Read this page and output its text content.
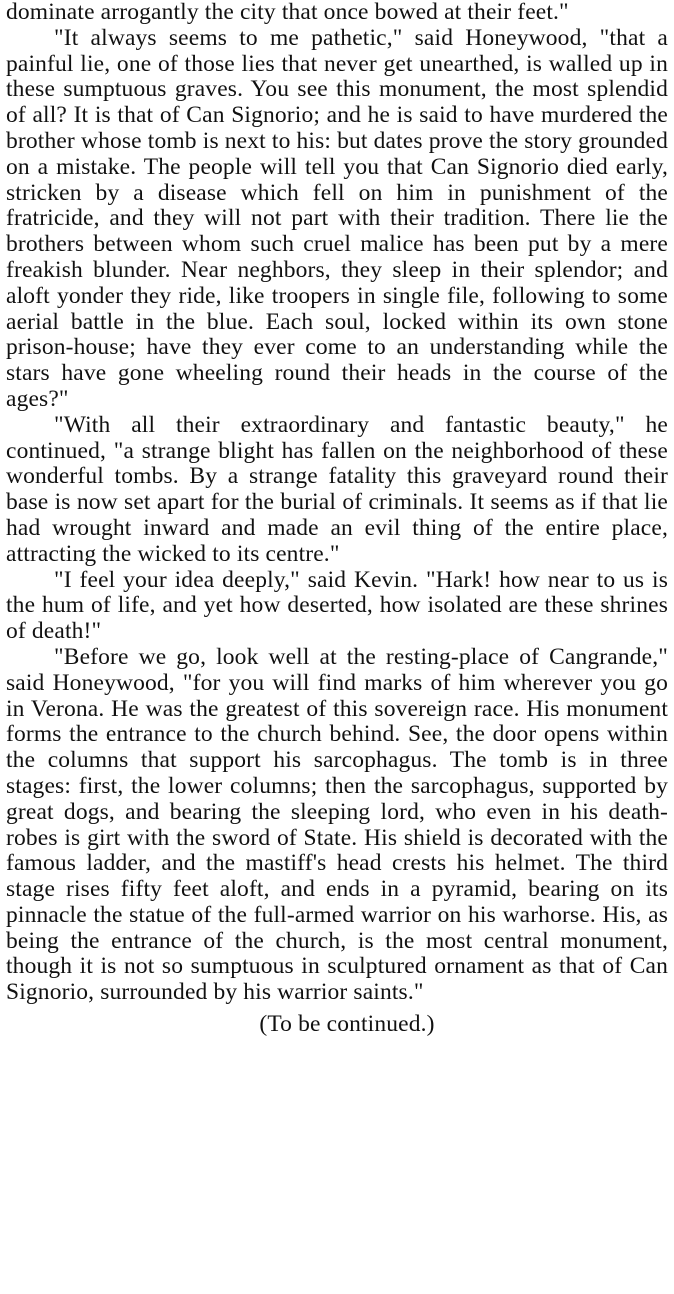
dominate arrogantly the city that once bowed at their feet."

"It always seems to me pathetic," said Honeywood, "that a painful lie, one of those lies that never get unearthed, is walled up in these sumptuous graves. You see this monument, the most splendid of all? It is that of Can Signorio; and he is said to have murdered the brother whose tomb is next to his: but dates prove the story grounded on a mistake. The people will tell you that Can Signorio died early, stricken by a disease which fell on him in punishment of the fratricide, and they will not part with their tradition. There lie the brothers between whom such cruel malice has been put by a mere freakish blunder. Near neghbors, they sleep in their splendor; and aloft yonder they ride, like troopers in single file, following to some aerial battle in the blue. Each soul, locked within its own stone prison-house; have they ever come to an understanding while the stars have gone wheeling round their heads in the course of the ages?"

"With all their extraordinary and fantastic beauty," he continued, "a strange blight has fallen on the neighborhood of these wonderful tombs. By a strange fatality this graveyard round their base is now set apart for the burial of criminals. It seems as if that lie had wrought inward and made an evil thing of the entire place, attracting the wicked to its centre."

"I feel your idea deeply," said Kevin. "Hark! how near to us is the hum of life, and yet how deserted, how isolated are these shrines of death!"

"Before we go, look well at the resting-place of Cangrande," said Honeywood, "for you will find marks of him wherever you go in Verona. He was the greatest of this sovereign race. His monument forms the entrance to the church behind. See, the door opens within the columns that support his sarcophagus. The tomb is in three stages: first, the lower columns; then the sarcophagus, supported by great dogs, and bearing the sleeping lord, who even in his death-robes is girt with the sword of State. His shield is decorated with the famous ladder, and the mastiff's head crests his helmet. The third stage rises fifty feet aloft, and ends in a pyramid, bearing on its pinnacle the statue of the full-armed warrior on his warhorse. His, as being the entrance of the church, is the most central monument, though it is not so sumptuous in sculptured ornament as that of Can Signorio, surrounded by his warrior saints."

(To be continued.)
